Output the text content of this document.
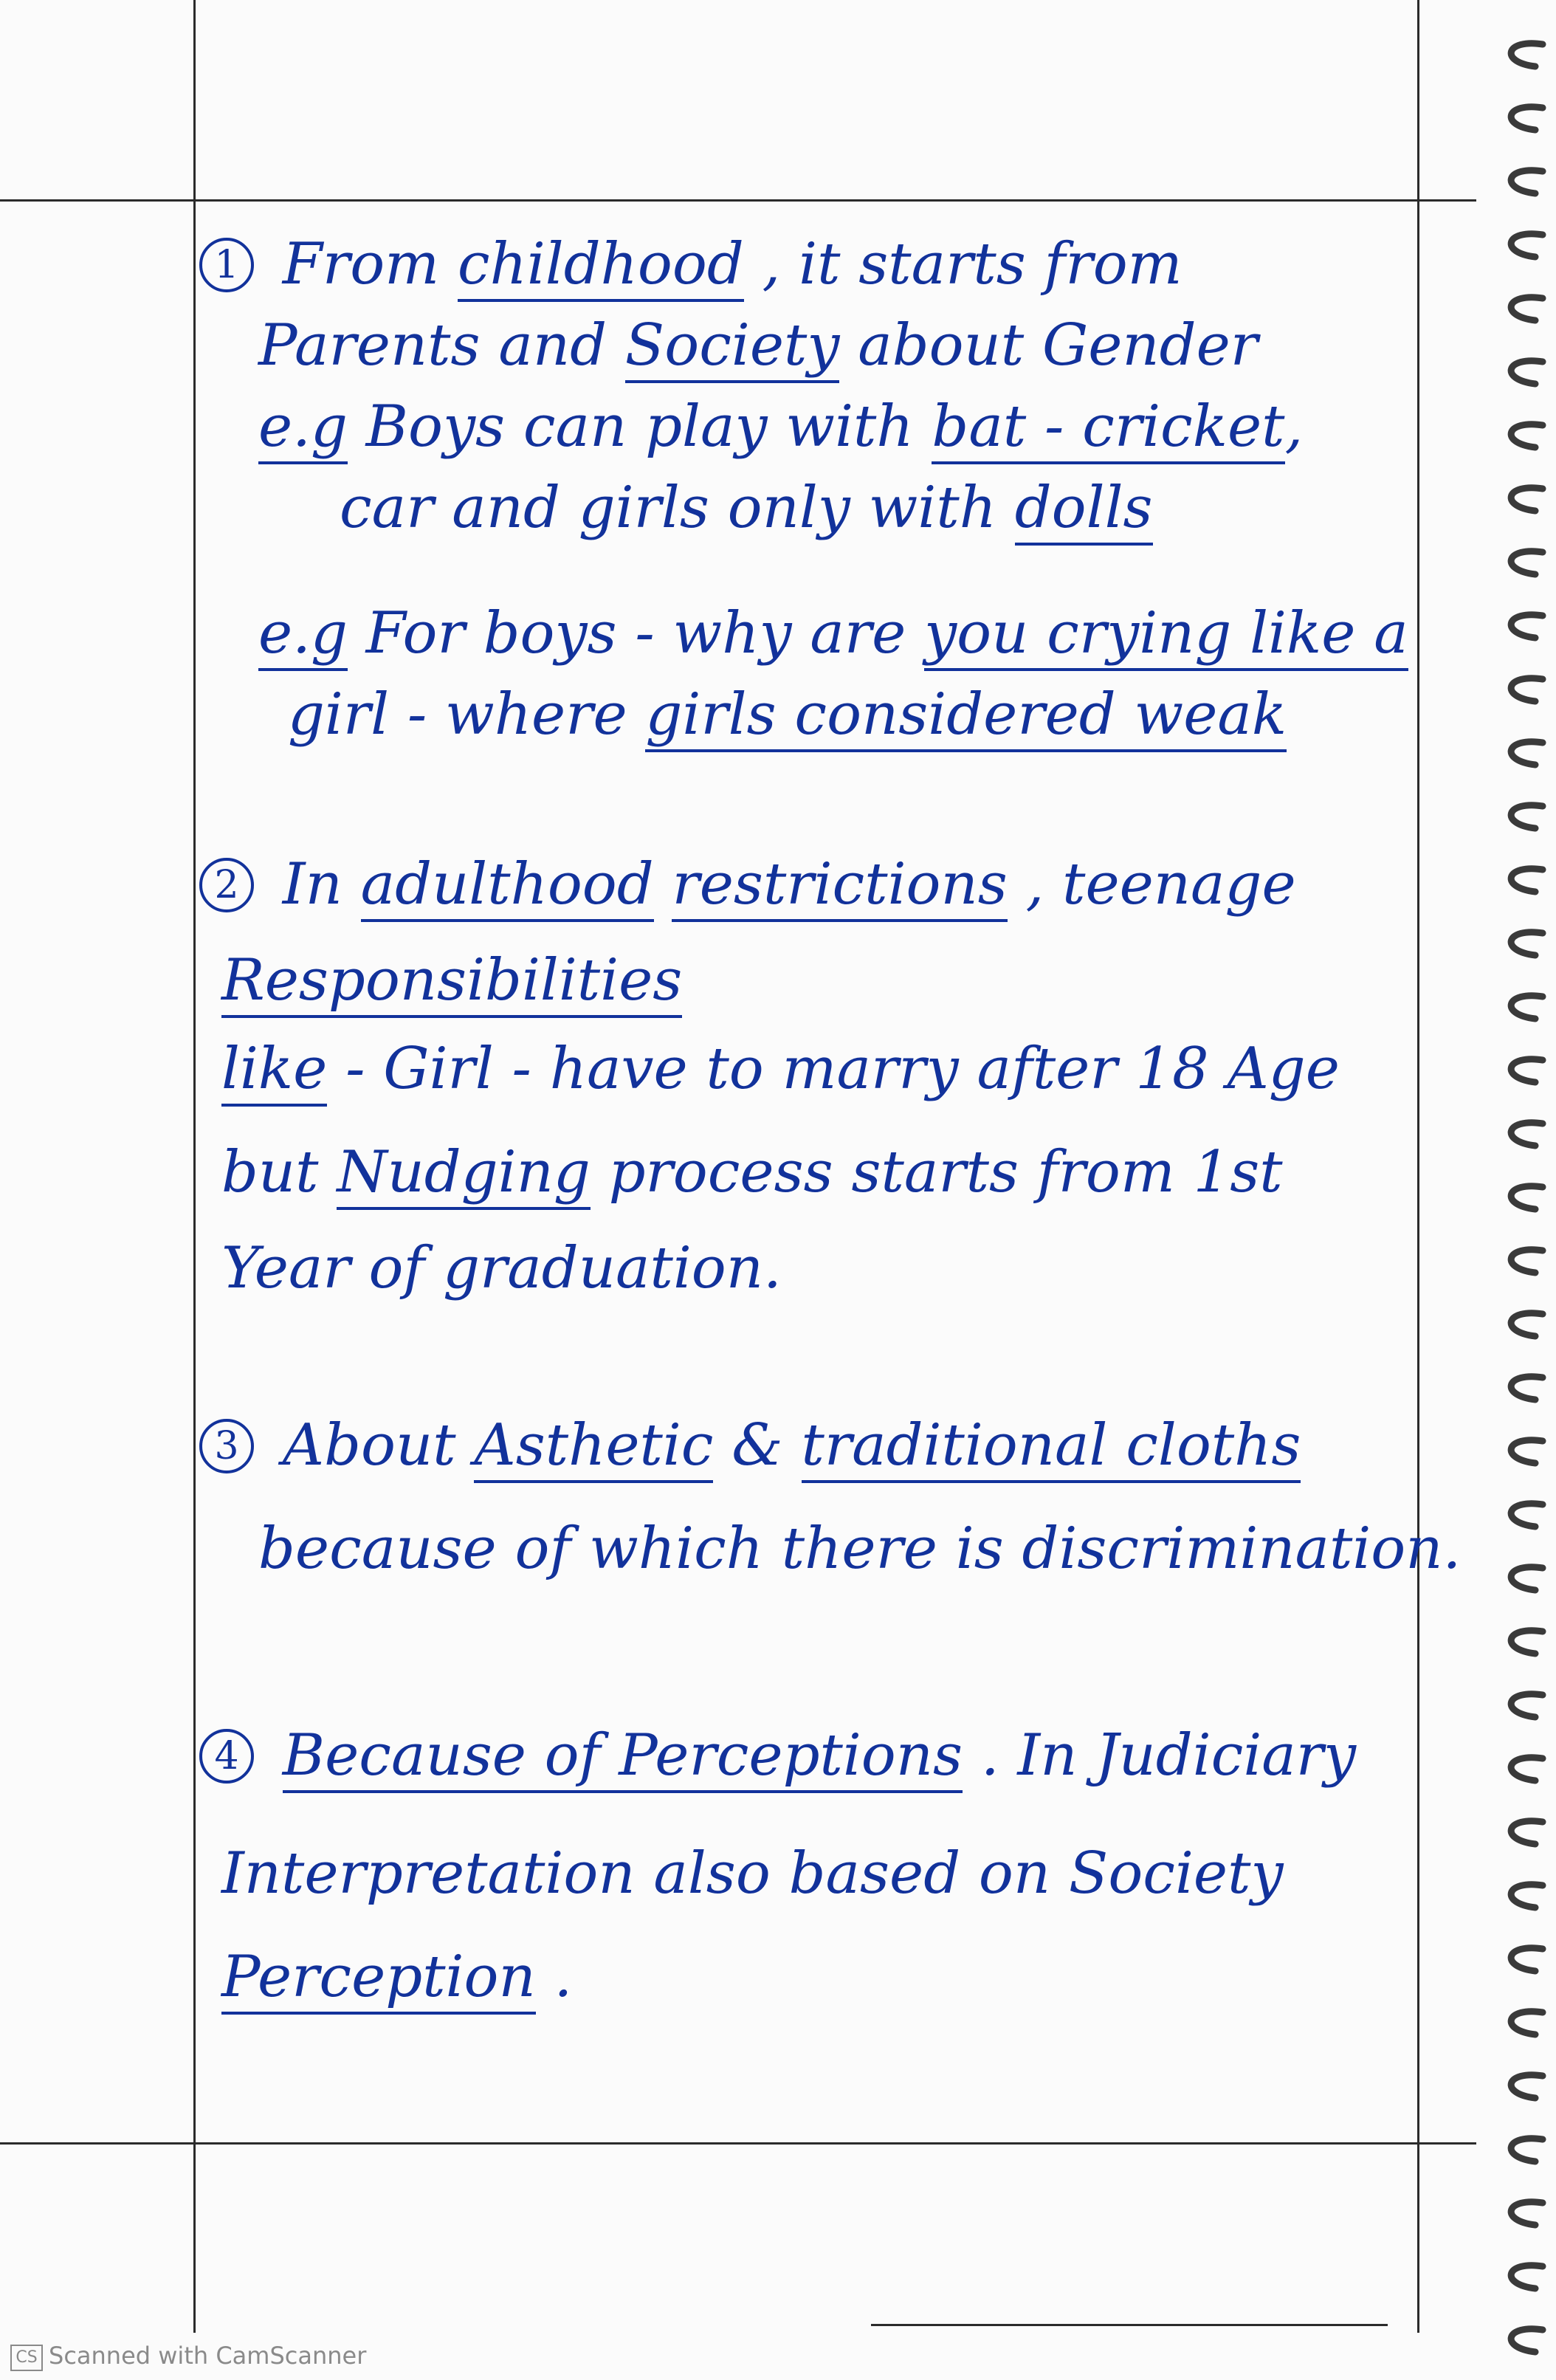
1 From childhood , it starts from
Parents and Society about Gender
e.g Boys can play with bat - cricket,
car and girls only with dolls
e.g For boys - why are you crying like a
girl - where girls considered weak
2 In adulthood restrictions , teenage
Responsibilities
like - Girl - have to marry after 18 Age
but Nudging process starts from 1st
Year of graduation.
3 About Asthetic & traditional cloths
because of which there is discrimination.
4 Because of Perceptions . In Judiciary
Interpretation also based on Society
Perception .
CS Scanned with CamScanner
